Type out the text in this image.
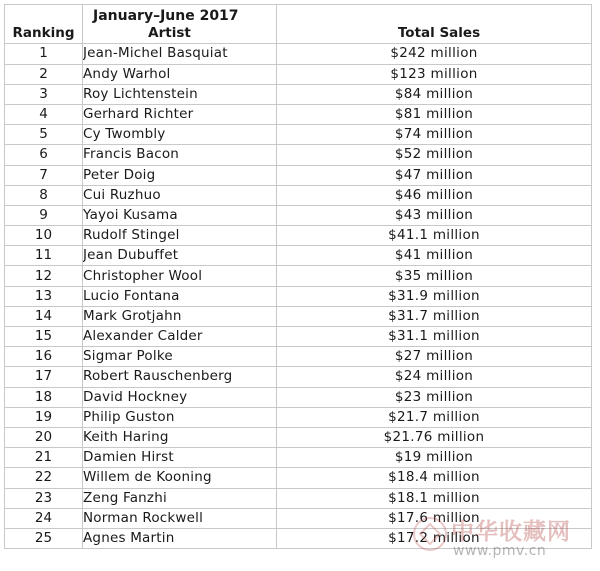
	January–June 2017	
Ranking	Artist	Total Sales
1	Jean-Michel Basquiat	$242 million
2	Andy Warhol	$123 million
3	Roy Lichtenstein	$84 million
4	Gerhard Richter	$81 million
5	Cy Twombly	$74 million
6	Francis Bacon	$52 million
7	Peter Doig	$47 million
8	Cui Ruzhuo	$46 million
9	Yayoi Kusama	$43 million
10	Rudolf Stingel	$41.1 million
11	Jean Dubuffet	$41 million
12	Christopher Wool	$35 million
13	Lucio Fontana	$31.9 million
14	Mark Grotjahn	$31.7 million
15	Alexander Calder	$31.1 million
16	Sigmar Polke	$27 million
17	Robert Rauschenberg	$24 million
18	David Hockney	$23 million
19	Philip Guston	$21.7 million
20	Keith Haring	$21.76 million
21	Damien Hirst	$19 million
22	Willem de Kooning	$18.4 million
23	Zeng Fanzhi	$18.1 million
24	Norman Rockwell	$17.6 million
25	Agnes Martin	$17.2 million
中华收藏网
www.pmv.cn
